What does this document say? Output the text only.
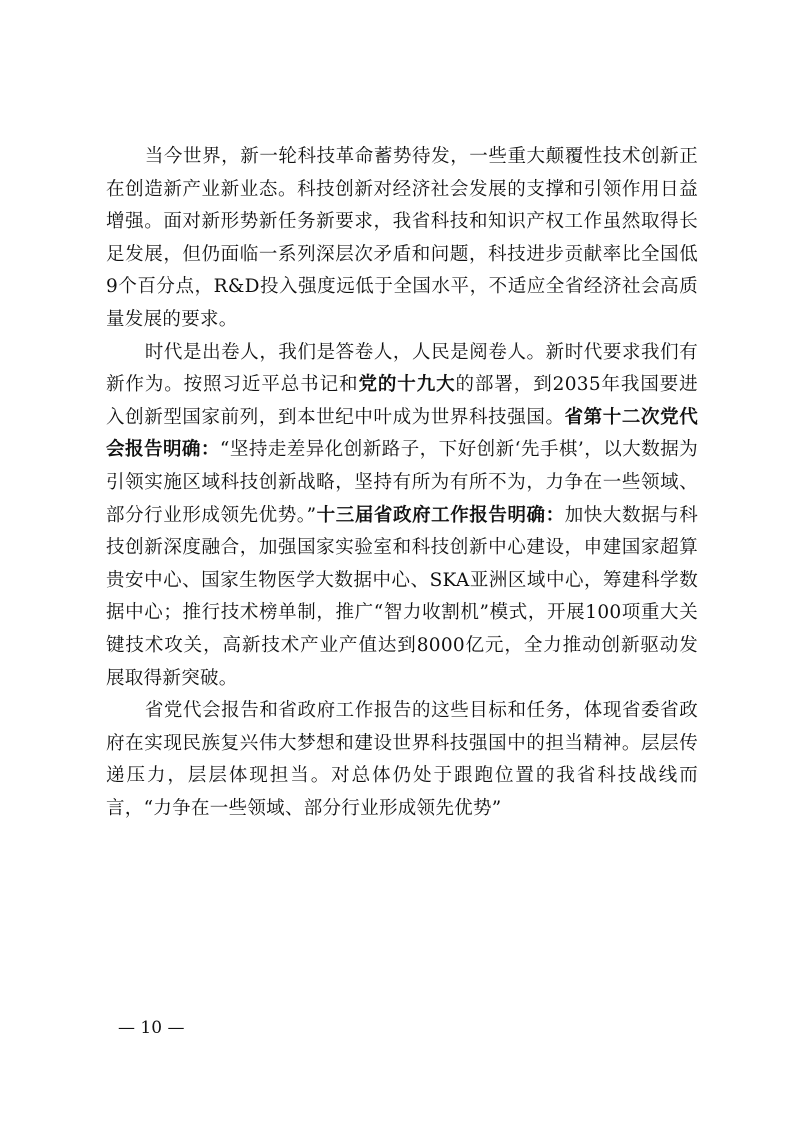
当今世界，新一轮科技革命蓄势待发，一些重大颠覆性技术创新正在创造新产业新业态。科技创新对经济社会发展的支撑和引领作用日益增强。面对新形势新任务新要求，我省科技和知识产权工作虽然取得长足发展，但仍面临一系列深层次矛盾和问题，科技进步贡献率比全国低9个百分点，R&D投入强度远低于全国水平，不适应全省经济社会高质量发展的要求。

时代是出卷人，我们是答卷人，人民是阅卷人。新时代要求我们有新作为。按照习近平总书记和党的十九大的部署，到2035年我国要进入创新型国家前列，到本世纪中叶成为世界科技强国。省第十二次党代会报告明确：“坚持走差异化创新路子，下好创新‘先手棋’，以大数据为引领实施区域科技创新战略，坚持有所为有所不为，力争在一些领域、部分行业形成领先优势。”十三届省政府工作报告明确：加快大数据与科技创新深度融合，加强国家实验室和科技创新中心建设，申建国家超算贵安中心、国家生物医学大数据中心、SKA亚洲区域中心，筹建科学数据中心；推行技术榜单制，推广“智力收割机”模式，开展100项重大关键技术攻关，高新技术产业产值达到8000亿元，全力推动创新驱动发展取得新突破。

省党代会报告和省政府工作报告的这些目标和任务，体现省委省政府在实现民族复兴伟大梦想和建设世界科技强国中的担当精神。层层传递压力，层层体现担当。对总体仍处于跟跑位置的我省科技战线而言，“力争在一些领域、部分行业形成领先优势”

— 10 —
